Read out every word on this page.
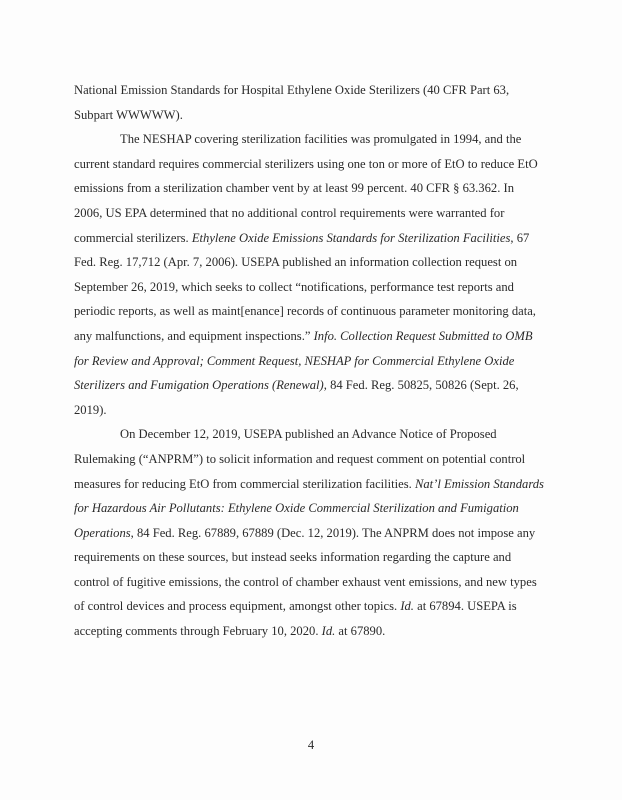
National Emission Standards for Hospital Ethylene Oxide Sterilizers (40 CFR Part 63, Subpart WWWWW).

The NESHAP covering sterilization facilities was promulgated in 1994, and the current standard requires commercial sterilizers using one ton or more of EtO to reduce EtO emissions from a sterilization chamber vent by at least 99 percent. 40 CFR § 63.362. In 2006, US EPA determined that no additional control requirements were warranted for commercial sterilizers. Ethylene Oxide Emissions Standards for Sterilization Facilities, 67 Fed. Reg. 17,712 (Apr. 7, 2006). USEPA published an information collection request on September 26, 2019, which seeks to collect “notifications, performance test reports and periodic reports, as well as maint[enance] records of continuous parameter monitoring data, any malfunctions, and equipment inspections.” Info. Collection Request Submitted to OMB for Review and Approval; Comment Request, NESHAP for Commercial Ethylene Oxide Sterilizers and Fumigation Operations (Renewal), 84 Fed. Reg. 50825, 50826 (Sept. 26, 2019).

On December 12, 2019, USEPA published an Advance Notice of Proposed Rulemaking (“ANPRM”) to solicit information and request comment on potential control measures for reducing EtO from commercial sterilization facilities. Nat’l Emission Standards for Hazardous Air Pollutants: Ethylene Oxide Commercial Sterilization and Fumigation Operations, 84 Fed. Reg. 67889, 67889 (Dec. 12, 2019). The ANPRM does not impose any requirements on these sources, but instead seeks information regarding the capture and control of fugitive emissions, the control of chamber exhaust vent emissions, and new types of control devices and process equipment, amongst other topics. Id. at 67894. USEPA is accepting comments through February 10, 2020. Id. at 67890.

4
